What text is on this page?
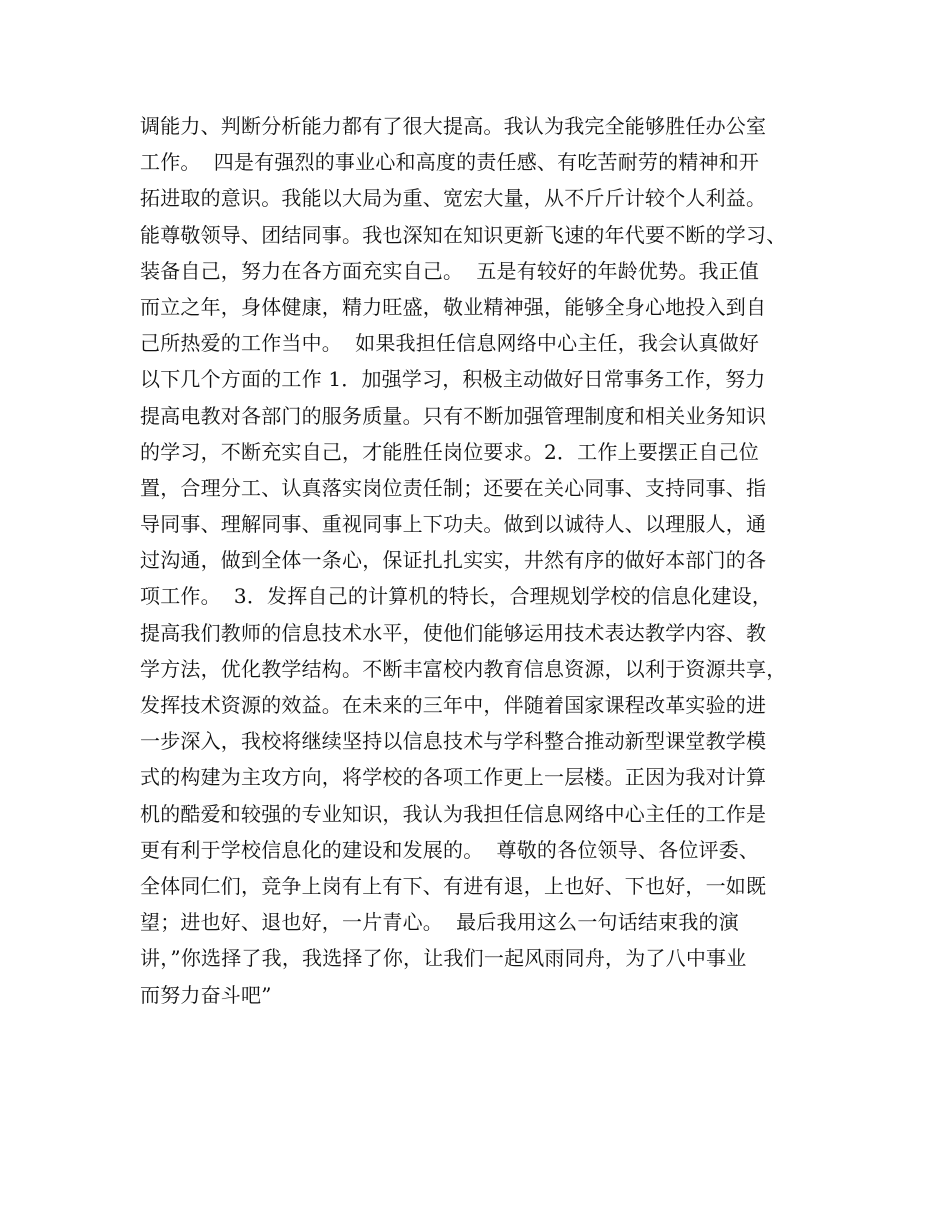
调能力、判断分析能力都有了很大提高。我认为我完全能够胜任办公室
工作。  四是有强烈的事业心和高度的责任感、有吃苦耐劳的精神和开
拓进取的意识。我能以大局为重、宽宏大量，从不斤斤计较个人利益。
能尊敬领导、团结同事。我也深知在知识更新飞速的年代要不断的学习、
装备自己，努力在各方面充实自己。  五是有较好的年龄优势。我正值
而立之年，身体健康，精力旺盛，敬业精神强，能够全身心地投入到自
己所热爱的工作当中。  如果我担任信息网络中心主任，我会认真做好
以下几个方面的工作 1．加强学习，积极主动做好日常事务工作，努力
提高电教对各部门的服务质量。只有不断加强管理制度和相关业务知识
的学习，不断充实自己，才能胜任岗位要求。2．工作上要摆正自己位
置，合理分工、认真落实岗位责任制；还要在关心同事、支持同事、指
导同事、理解同事、重视同事上下功夫。做到以诚待人、以理服人，通
过沟通，做到全体一条心，保证扎扎实实，井然有序的做好本部门的各
项工作。  3．发挥自己的计算机的特长，合理规划学校的信息化建设，
提高我们教师的信息技术水平，使他们能够运用技术表达教学内容、教
学方法，优化教学结构。不断丰富校内教育信息资源，以利于资源共享，
发挥技术资源的效益。在未来的三年中，伴随着国家课程改革实验的进
一步深入，我校将继续坚持以信息技术与学科整合推动新型课堂教学模
式的构建为主攻方向，将学校的各项工作更上一层楼。正因为我对计算
机的酷爱和较强的专业知识，我认为我担任信息网络中心主任的工作是
更有利于学校信息化的建设和发展的。  尊敬的各位领导、各位评委、
全体同仁们，竞争上岗有上有下、有进有退，上也好、下也好，一如既
望；进也好、退也好，一片青心。  最后我用这么一句话结束我的演
讲，”你选择了我，我选择了你，让我们一起风雨同舟，为了八中事业
而努力奋斗吧”
